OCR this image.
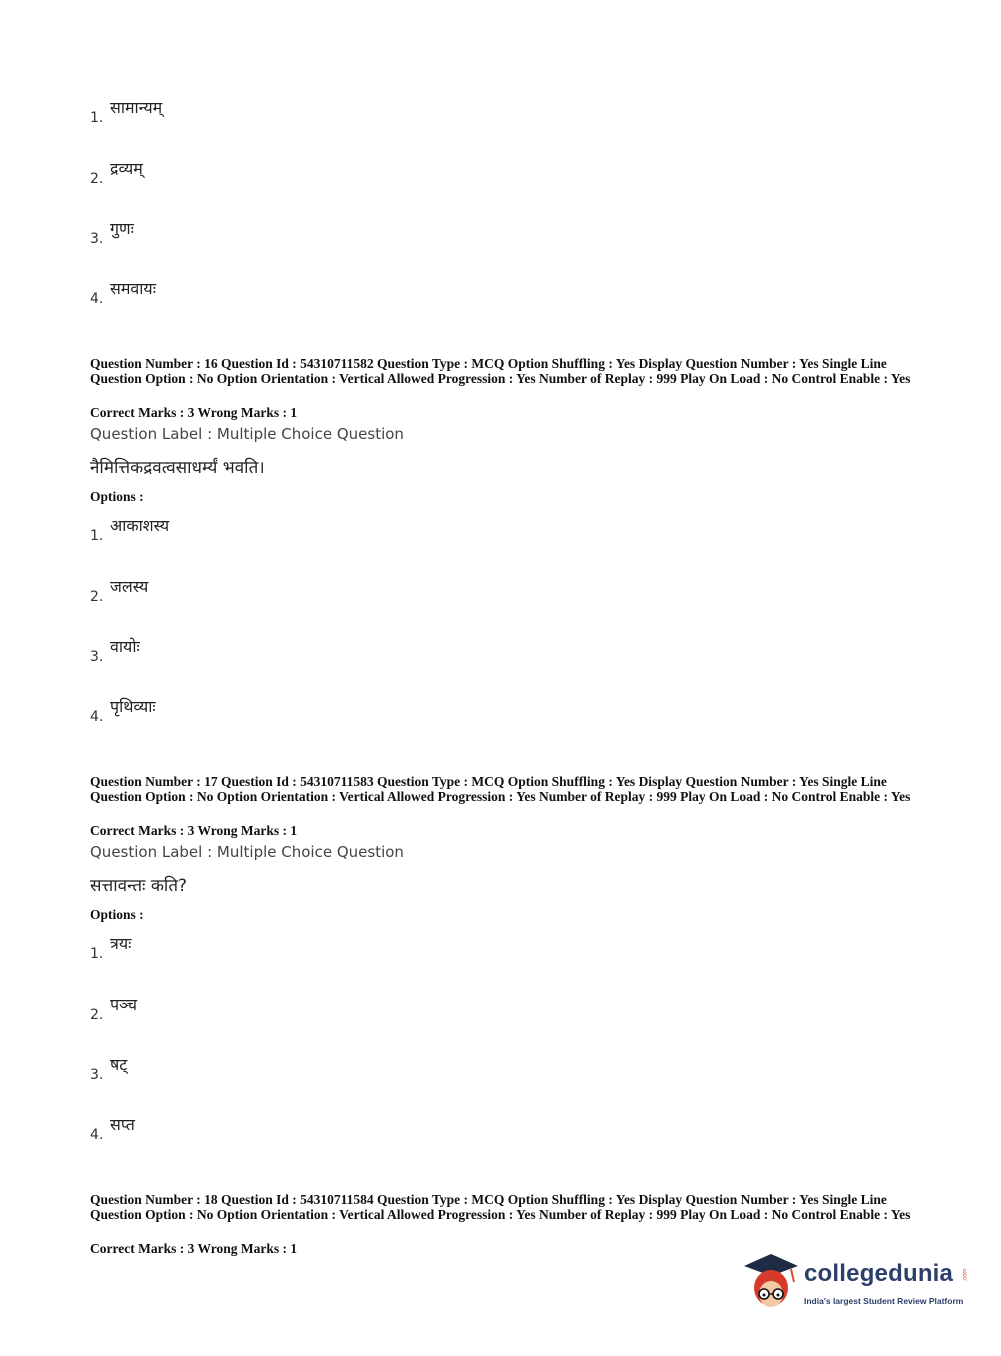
1.
सामान्यम्
2.
द्रव्यम्
3.
गुणः
4.
समवायः
Question Number : 16 Question Id : 54310711582 Question Type : MCQ Option Shuffling : Yes Display Question Number : Yes Single Line Question Option : No Option Orientation : Vertical Allowed Progression : Yes Number of Replay : 999 Play On Load : No Control Enable : Yes
Correct Marks : 3 Wrong Marks : 1
Question Label : Multiple Choice Question
नैमित्तिकद्रवत्वसाधर्म्यं भवति।
Options :
1.
आकाशस्य
2.
जलस्य
3.
वायोः
4.
पृथिव्याः
Question Number : 17 Question Id : 54310711583 Question Type : MCQ Option Shuffling : Yes Display Question Number : Yes Single Line Question Option : No Option Orientation : Vertical Allowed Progression : Yes Number of Replay : 999 Play On Load : No Control Enable : Yes
Correct Marks : 3 Wrong Marks : 1
Question Label : Multiple Choice Question
सत्तावन्तः कति?
Options :
1.
त्रयः
2.
पञ्च
3.
षट्
4.
सप्त
Question Number : 18 Question Id : 54310711584 Question Type : MCQ Option Shuffling : Yes Display Question Number : Yes Single Line Question Option : No Option Orientation : Vertical Allowed Progression : Yes Number of Replay : 999 Play On Load : No Control Enable : Yes
Correct Marks : 3 Wrong Marks : 1
collegedunia .com
India's largest Student Review Platform
